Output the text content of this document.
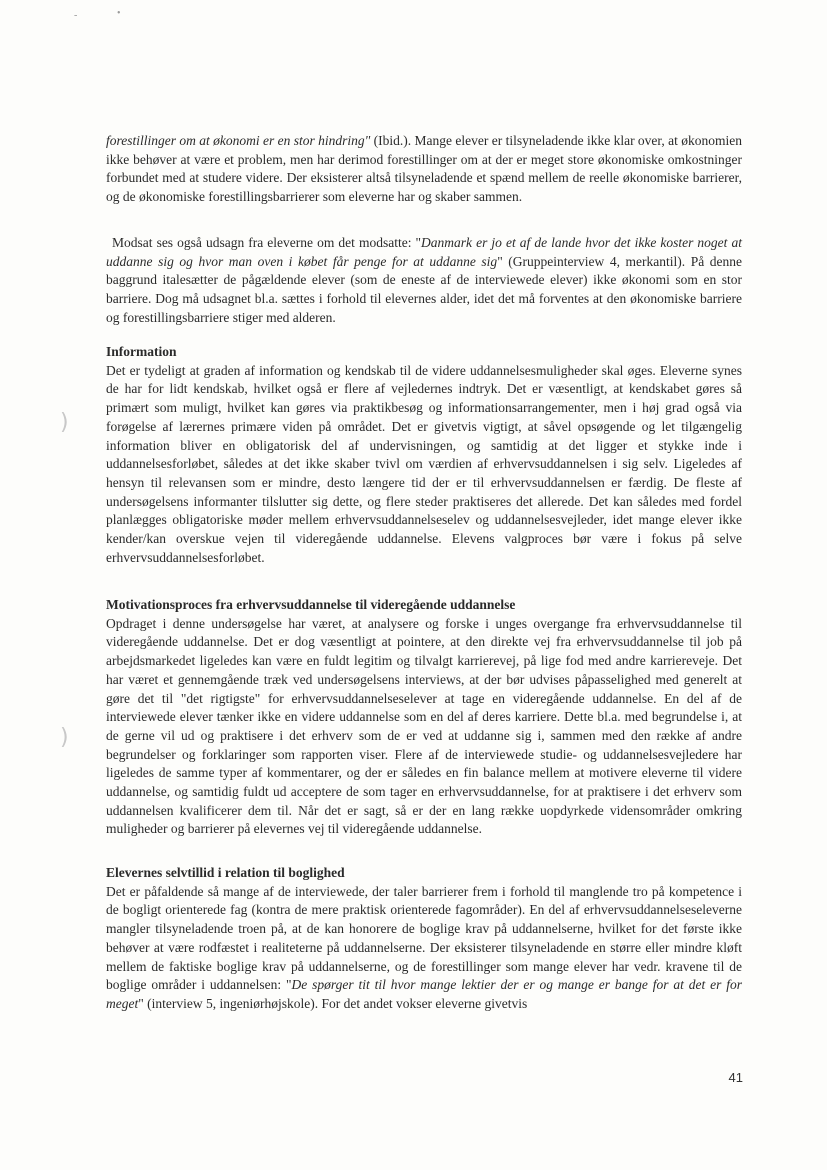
-	•
)
)

forestillinger om at økonomi er en stor hindring" (Ibid.). Mange elever er tilsyneladende ikke klar over, at økonomien ikke behøver at være et problem, men har derimod forestillinger om at der er meget store økonomiske omkostninger forbundet med at studere videre. Der eksisterer altså tilsyneladende et spænd mellem de reelle økonomiske barrierer, og de økonomiske forestillingsbarrierer som eleverne har og skaber sammen.

Modsat ses også udsagn fra eleverne om det modsatte: "Danmark er jo et af de lande hvor det ikke koster noget at uddanne sig og hvor man oven i købet får penge for at uddanne sig" (Gruppeinterview 4, merkantil). På denne baggrund italesætter de pågældende elever (som de eneste af de interviewede elever) ikke økonomi som en stor barriere. Dog må udsagnet bl.a. sættes i forhold til elevernes alder, idet det må forventes at den økonomiske barriere og forestillingsbarriere stiger med alderen.

Information

Det er tydeligt at graden af information og kendskab til de videre uddannelsesmuligheder skal øges. Eleverne synes de har for lidt kendskab, hvilket også er flere af vejledernes indtryk. Det er væsentligt, at kendskabet gøres så primært som muligt, hvilket kan gøres via praktikbesøg og informationsarrangementer, men i høj grad også via forøgelse af lærernes primære viden på området. Det er givetvis vigtigt, at såvel opsøgende og let tilgængelig information bliver en obligatorisk del af undervisningen, og samtidig at det ligger et stykke inde i uddannelsesforløbet, således at det ikke skaber tvivl om værdien af erhvervsuddannelsen i sig selv. Ligeledes af hensyn til relevansen som er mindre, desto længere tid der er til erhvervsuddannelsen er færdig. De fleste af undersøgelsens informanter tilslutter sig dette, og flere steder praktiseres det allerede. Det kan således med fordel planlægges obligatoriske møder mellem erhvervsuddannelseselev og uddannelsesvejleder, idet mange elever ikke kender/kan overskue vejen til videregående uddannelse. Elevens valgproces bør være i fokus på selve erhvervsuddannelsesforløbet.

Motivationsproces fra erhvervsuddannelse til videregående uddannelse

Opdraget i denne undersøgelse har været, at analysere og forske i unges overgange fra erhvervsuddannelse til videregående uddannelse. Det er dog væsentligt at pointere, at den direkte vej fra erhvervsuddannelse til job på arbejdsmarkedet ligeledes kan være en fuldt legitim og tilvalgt karrierevej, på lige fod med andre karriereveje. Det har været et gennemgående træk ved undersøgelsens interviews, at der bør udvises påpasselighed med generelt at gøre det til "det rigtigste" for erhvervsuddannelseselever at tage en videregående uddannelse. En del af de interviewede elever tænker ikke en videre uddannelse som en del af deres karriere. Dette bl.a. med begrundelse i, at de gerne vil ud og praktisere i det erhverv som de er ved at uddanne sig i, sammen med den række af andre begrundelser og forklaringer som rapporten viser. Flere af de interviewede studie- og uddannelsesvejledere har ligeledes de samme typer af kommentarer, og der er således en fin balance mellem at motivere eleverne til videre uddannelse, og samtidig fuldt ud acceptere de som tager en erhvervsuddannelse, for at praktisere i det erhverv som uddannelsen kvalificerer dem til. Når det er sagt, så er der en lang række uopdyrkede vidensområder omkring muligheder og barrierer på elevernes vej til videregående uddannelse.

Elevernes selvtillid i relation til boglighed

Det er påfaldende så mange af de interviewede, der taler barrierer frem i forhold til manglende tro på kompetence i de bogligt orienterede fag (kontra de mere praktisk orienterede fagområder). En del af erhvervsuddannelseseleverne mangler tilsyneladende troen på, at de kan honorere de boglige krav på uddannelserne, hvilket for det første ikke behøver at være rodfæstet i realiteterne på uddannelserne. Der eksisterer tilsyneladende en større eller mindre kløft mellem de faktiske boglige krav på uddannelserne, og de forestillinger som mange elever har vedr. kravene til de boglige områder i uddannelsen: "De spørger tit til hvor mange lektier der er og mange er bange for at det er for meget" (interview 5, ingeniørhøjskole). For det andet vokser eleverne givetvis

41
